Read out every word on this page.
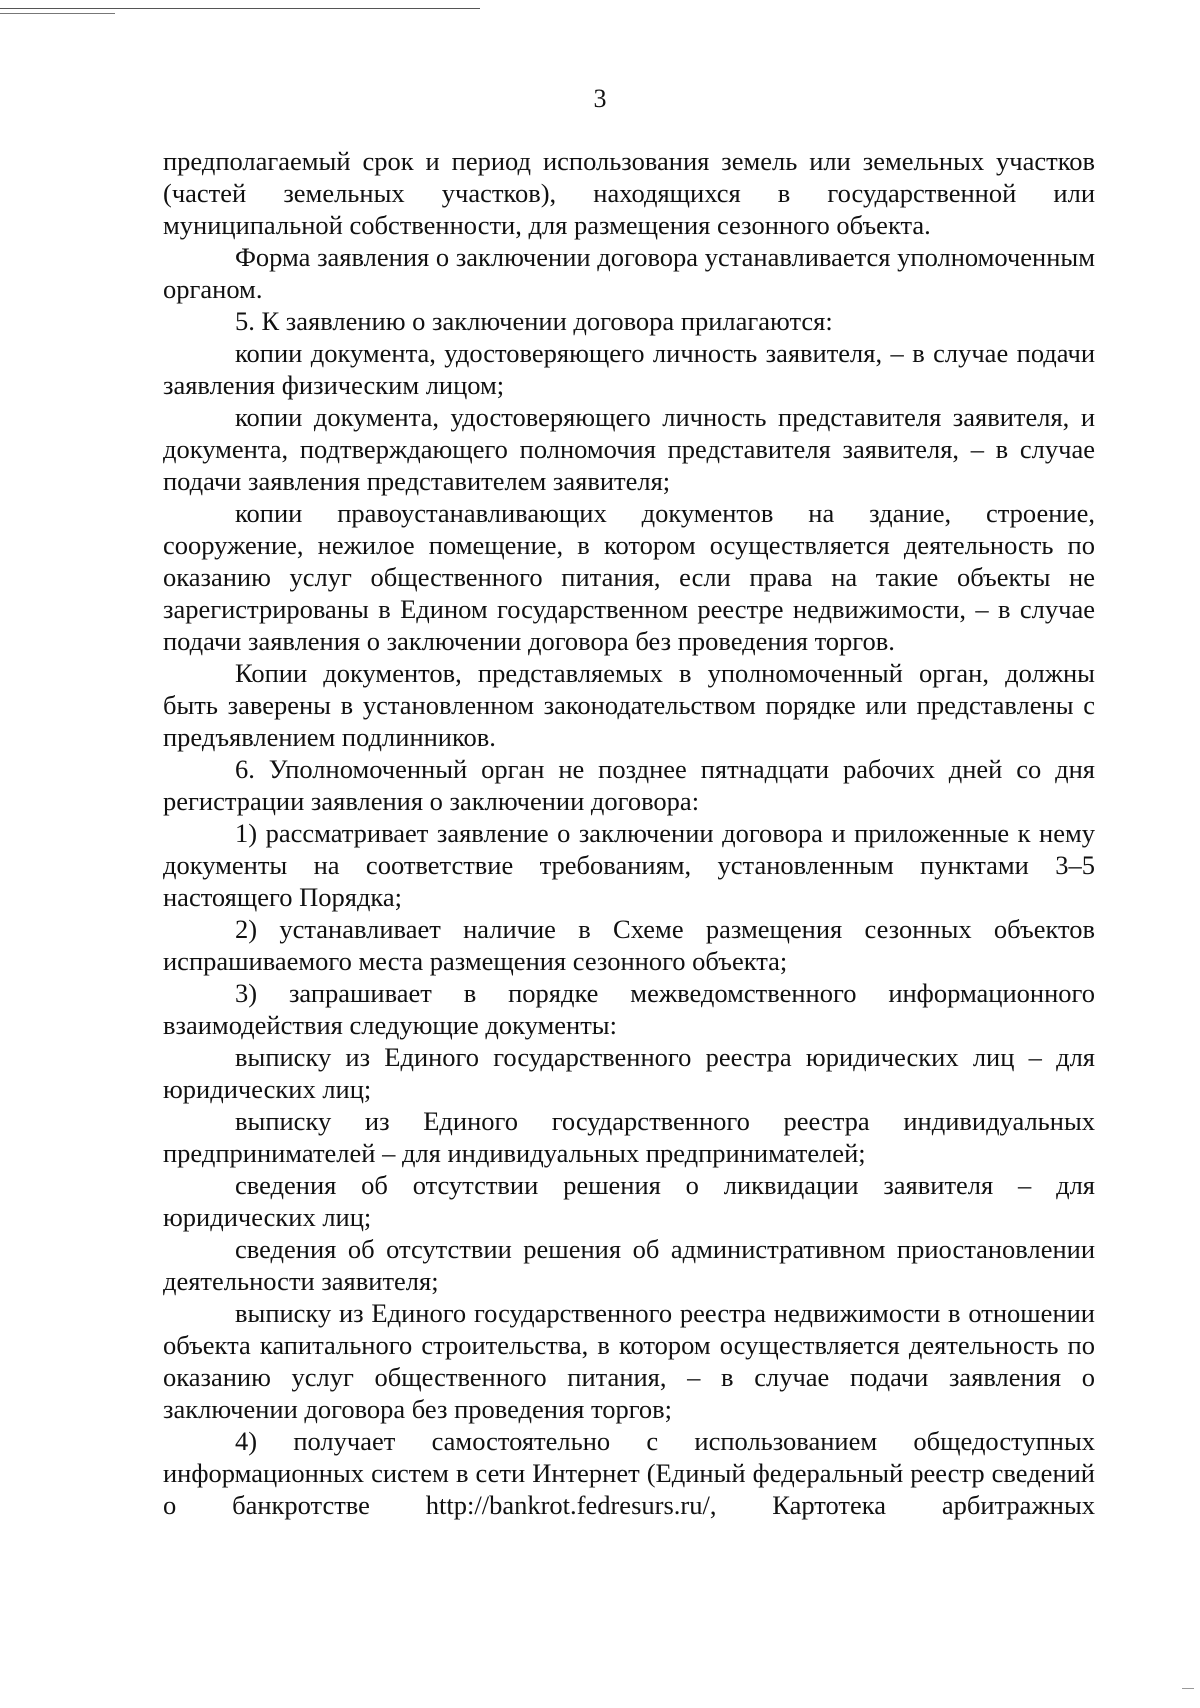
3

предполагаемый срок и период использования земель или земельных участков (частей земельных участков), находящихся в государственной или муниципальной собственности, для размещения сезонного объекта.

Форма заявления о заключении договора устанавливается уполномоченным органом.

5. К заявлению о заключении договора прилагаются:

копии документа, удостоверяющего личность заявителя, – в случае подачи заявления физическим лицом;

копии документа, удостоверяющего личность представителя заявителя, и документа, подтверждающего полномочия представителя заявителя, – в случае подачи заявления представителем заявителя;

копии правоустанавливающих документов на здание, строение, сооружение, нежилое помещение, в котором осуществляется деятельность по оказанию услуг общественного питания, если права на такие объекты не зарегистрированы в Едином государственном реестре недвижимости, – в случае подачи заявления о заключении договора без проведения торгов.

Копии документов, представляемых в уполномоченный орган, должны быть заверены в установленном законодательством порядке или представлены с предъявлением подлинников.

6. Уполномоченный орган не позднее пятнадцати рабочих дней со дня регистрации заявления о заключении договора:

1) рассматривает заявление о заключении договора и приложенные к нему документы на соответствие требованиям, установленным пунктами 3–5 настоящего Порядка;

2) устанавливает наличие в Схеме размещения сезонных объектов испрашиваемого места размещения сезонного объекта;

3) запрашивает в порядке межведомственного информационного взаимодействия следующие документы:

выписку из Единого государственного реестра юридических лиц – для юридических лиц;

выписку из Единого государственного реестра индивидуальных предпринимателей – для индивидуальных предпринимателей;

сведения об отсутствии решения о ликвидации заявителя – для юридических лиц;

сведения об отсутствии решения об административном приостановлении деятельности заявителя;

выписку из Единого государственного реестра недвижимости в отношении объекта капитального строительства, в котором осуществляется деятельность по оказанию услуг общественного питания, – в случае подачи заявления о заключении договора без проведения торгов;

4) получает самостоятельно с использованием общедоступных информационных систем в сети Интернет (Единый федеральный реестр сведений о банкротстве http://bankrot.fedresurs.ru/, Картотека арбитражных
